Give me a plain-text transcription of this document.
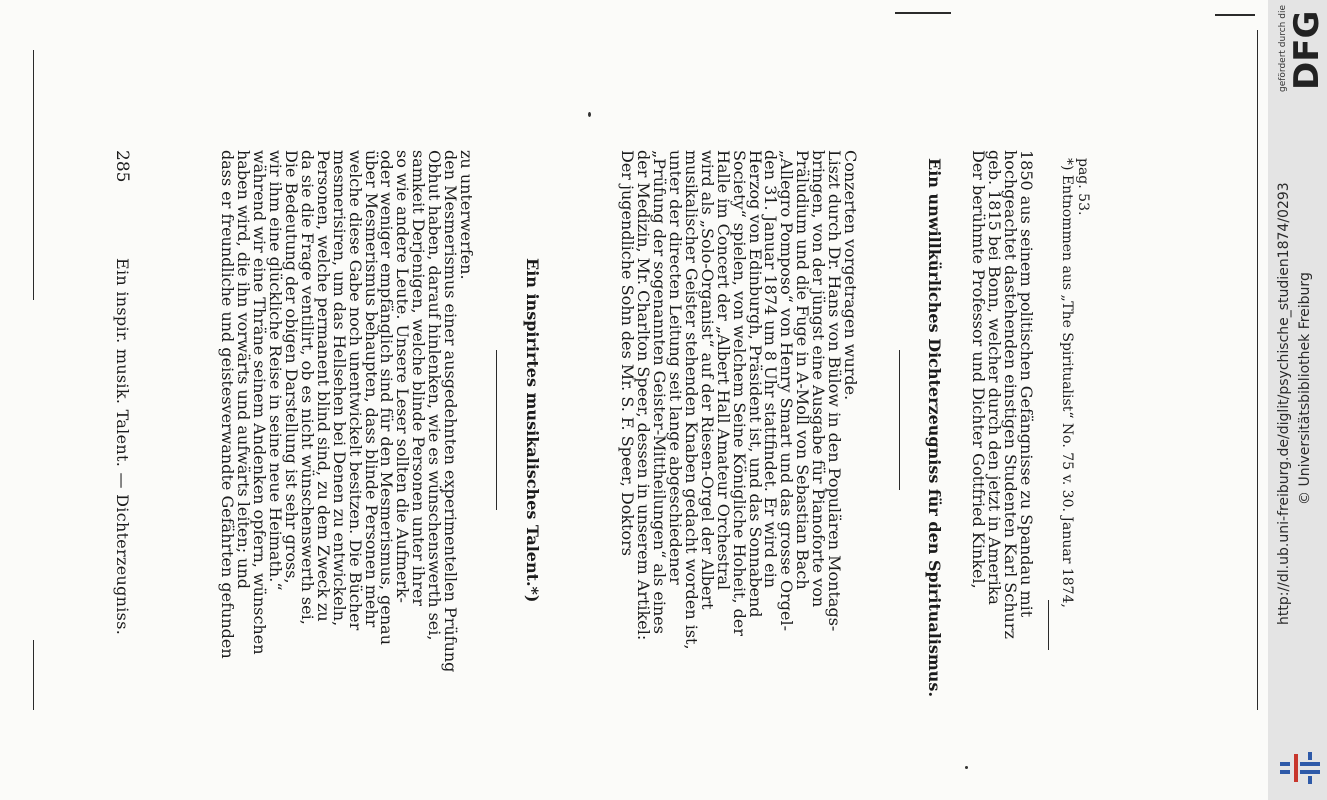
Ein inspir. musik. Talent. — Dichterzeugniss.
285	zu unterwerfen.
den Mesmerismus einer ausgedehnten experimentellen Prüfung
Obhut haben, darauf hinlenken, wie es wünschenswerth sei,
samkeit Derjenigen, welche blinde Personen unter ihrer
so wie andere Leute. Unsere Leser sollten die Aufmerk-
oder weniger empfänglich sind für den Mesmerismus, genau
über Mesmerismus behaupten, dass blinde Personen mehr
welche diese Gabe noch unentwickelt besitzen. Die Bücher
mesmerisiren, um das Hellsehen bei Denen zu entwickeln,
Personen, welche permanent blind sind, zu dem Zweck zu
da sie die Frage ventilirt, ob es nicht wünschenswerth sei,
Die Bedeutung der obigen Darstellung ist sehr gross,
wir ihm eine glückliche Reise in seine neue Heimath.“
während wir eine Thräne seinem Andenken opfern, wünschen
haben wird, die ihn vorwärts und aufwärts leiten; und
dass er freundliche und geistesverwandte Gefährten gefunden	Ein inspirirtes musikalisches Talent.*)	Conzerten vorgetragen wurde.
Liszt durch Dr. Hans von Bülow in den Populären Montags-
bringen, von der jüngst eine Ausgabe für Pianoforte von
Präludium und die Fuge in A-Moll von Sebastian Bach
„Allegro Pomposo“ von Henry Smart und das grosse Orgel-
den 31. Januar 1874 um 8 Uhr stattfindet. Er wird ein
Herzog von Edinburgh, Präsident ist, und das Sonnabend
Society“ spielen, von welchem Seine Königliche Hoheit, der
Halle im Concert der „Albert Hall Amateur Orchestral
wird als „Solo-Organist“ auf der Riesen-Orgel der Albert
musikalischer Geister stehenden Knaben gedacht worden ist,
unter der directen Leitung seit lange abgeschiedener
„Prüfung der sogenannten Geister-Mittheilungen“ als eines
der Medizin, Mr. Charlton Speer, dessen in unserem Artikel:
Der jugendliche Sohn des Mr. S. F. Speer, Doktors	Ein unwillkürliches Dichterzeugniss für den Spiritualismus.	1850 aus seinem politischen Gefängnisse zu Spandau mit
hochgeachtet dastehenden einstigen Studenten Karl Schurz
geb. 1815 bei Bonn, welcher durch den jetzt in Amerika
Der berühmte Professor und Dichter Gottfried Kinkel,	pag. 53.
*) Entnommen aus „The Spiritualist“ No. 75 v. 30. Januar 1874,	http://dl.ub.uni-freiburg.de/diglit/psychische_studien1874/0293 © Universitätsbibliothek Freiburg
gefördert durch die DFG
